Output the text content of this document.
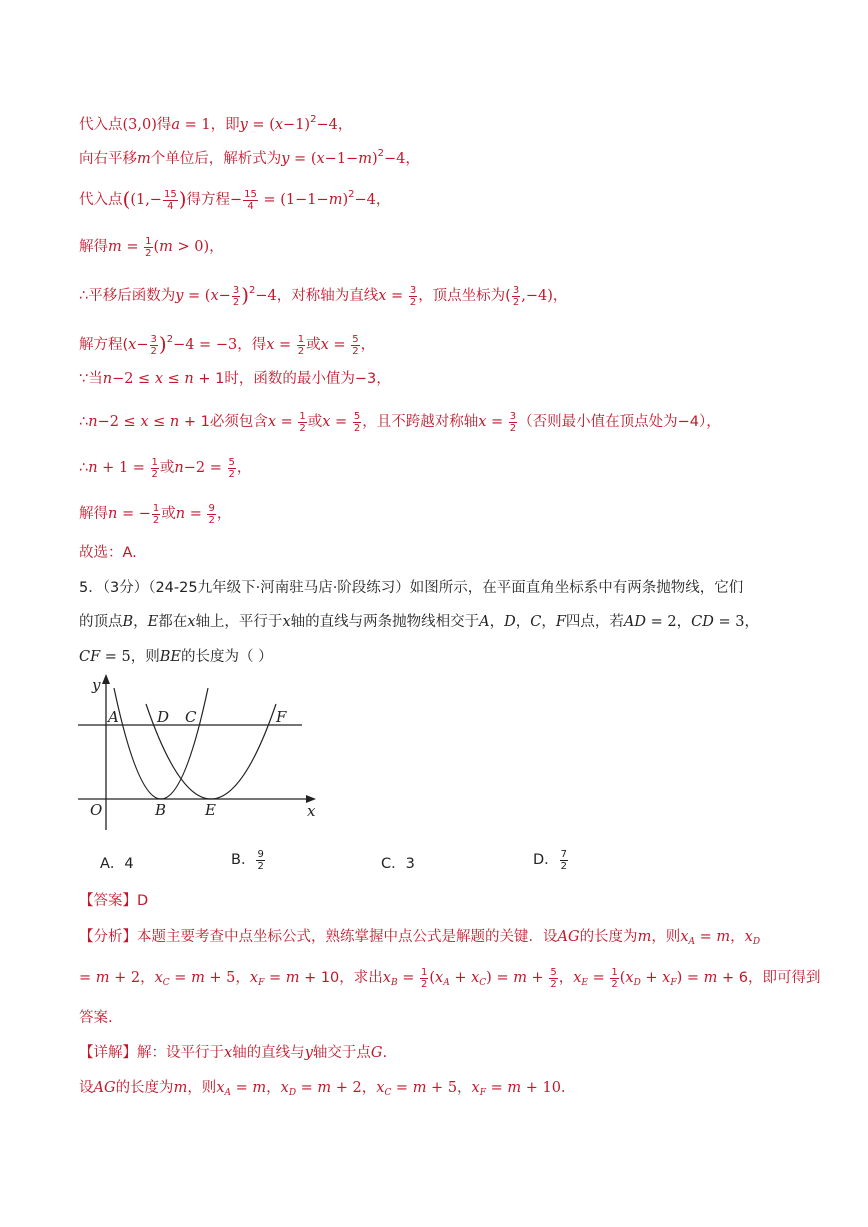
代入点(3,0)得a = 1，即$y = (x-1)^2-4$，
向右平移m个单位后，解析式为$y = (x-1-m)^2-4$，
代入点(($1,- \frac{15}{4}$ )得方程− $\frac{15}{4} = (1-1-m)^2-4$，
解得$m = \frac{1}{2} (m > 0)$，
∴平移后函数为$y = (x- \frac{3}{2} )^2-4$，对称轴为直线$x = \frac{3}{2}$ ，顶点坐标为( $\frac{3}{2} ,-4$)，
解方程$(x- \frac{3}{2} )^2-4 = -3$，得$x = \frac{1}{2}$ 或$x = \frac{5}{2}$ ，
∵当n−2 ≤ x ≤ n + 1时，函数的最小值为−3，
∴n−2 ≤ x ≤ n + 1必须包含$x = \frac{1}{2}$ 或$x = \frac{5}{2}$ ，且不跨越对称轴$x = \frac{3}{2}$ （否则最小值在顶点处为−4），
∴n + $1 = \frac{1}{2}$ 或$n-2 = \frac{5}{2}$ ，
解得n = − $\frac{1}{2}$ 或$n = \frac{9}{2}$ ，
故选：A.
5．（3分）（24-25九年级下·河南驻马店·阶段练习）如图所示，在平面直角坐标系中有两条抛物线，它们
的顶点B，E都在x轴上，平行于x轴的直线与两条抛物线相交于A，D，C，F四点，若AD = 2，CD = 3，
CF = 5，则BE的长度为（ ）
y
x
O
A	D C	F
B	E
A．4	B． $\frac{9}{2}$	C．3	D． $\frac{7}{2}$
【答案】D
【分析】本题主要考查中点坐标公式，熟练掌握中点公式是解题的关键．设AG的长度为m，则$x_A = m$，$x_D$
= m + 2，$x_C = m + 5$，$x_F = m + 10$，求出$x_B = \frac{1}{2} (x_A + x_C) = m + \frac{5}{2}$ ，$x_E = \frac{1}{2} (x_D + x_F) = m + 6$，即可得到
答案.
【详解】解：设平行于x轴的直线与y轴交于点G.
设AG的长度为m，则$x_A = m$，$x_D = m + 2$，$x_C = m + 5$，$x_F = m + 10$.
